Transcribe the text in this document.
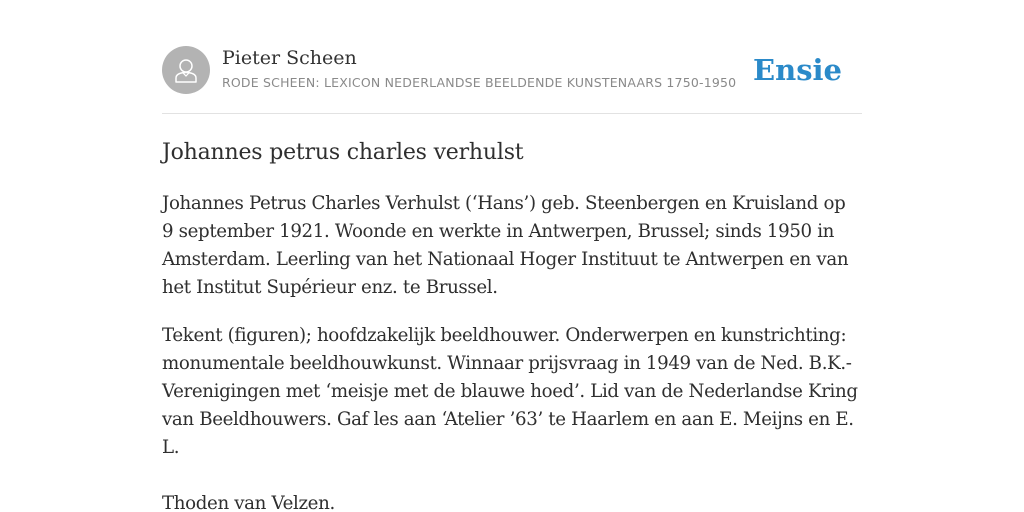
Pieter Scheen
RODE SCHEEN: LEXICON NEDERLANDSE BEELDENDE KUNSTENAARS 1750-1950 Ensie
Johannes petrus charles verhulst

Johannes Petrus Charles Verhulst (‘Hans’) geb. Steenbergen en Kruisland op 9 september 1921. Woonde en werkte in Antwerpen, Brussel; sinds 1950 in Amsterdam. Leerling van het Nationaal Hoger Instituut te Antwerpen en van het Institut Supérieur enz. te Brussel.

Tekent (figuren); hoofdzakelijk beeldhouwer. Onderwerpen en kunstrichting: monumentale beeldhouwkunst. Winnaar prijsvraag in 1949 van de Ned. B.K.-Verenigingen met ‘meisje met de blauwe hoed’. Lid van de Nederlandse Kring van Beeldhouwers. Gaf les aan ‘Atelier ’63’ te Haarlem en aan E. Meijns en E. L.

Thoden van Velzen.
